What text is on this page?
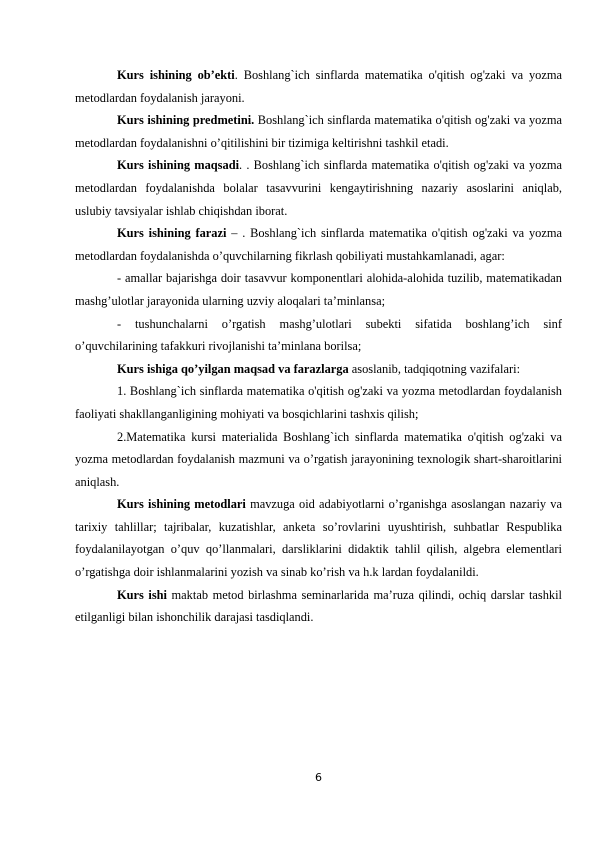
Kurs ishining ob’ekti. Boshlang`ich sinflarda matematika o'qitish og'zaki va yozma metodlardan foydalanish jarayoni.

Kurs ishining predmetini. Boshlang`ich sinflarda matematika o'qitish og'zaki va yozma metodlardan foydalanishni o’qitilishini bir tizimiga keltirishni tashkil etadi.

Kurs ishining maqsadi. . Boshlang`ich sinflarda matematika o'qitish og'zaki va yozma metodlardan foydalanishda bolalar tasavvurini kengaytirishning nazariy asoslarini aniqlab, uslubiy tavsiyalar ishlab chiqishdan iborat.

Kurs ishining farazi – . Boshlang`ich sinflarda matematika o'qitish og'zaki va yozma metodlardan foydalanishda o’quvchilarning fikrlash qobiliyati mustahkamlanadi, agar:

- amallar bajarishga doir tasavvur komponentlari alohida-alohida tuzilib, matematikadan mashg’ulotlar jarayonida ularning uzviy aloqalari ta’minlansa;

- tushunchalarni o’rgatish mashg’ulotlari subekti sifatida boshlang’ich sinf o’quvchilarining tafakkuri rivojlanishi ta’minlana borilsa;

Kurs ishiga qo’yilgan maqsad va farazlarga asoslanib, tadqiqotning vazifalari:

1. Boshlang`ich sinflarda matematika o'qitish og'zaki va yozma metodlardan foydalanish faoliyati shakllanganligining mohiyati va bosqichlarini tashxis qilish;

2.Matematika kursi materialida Boshlang`ich sinflarda matematika o'qitish og'zaki va yozma metodlardan foydalanish mazmuni va o’rgatish jarayonining texnologik shart-sharoitlarini aniqlash.

Kurs ishining metodlari mavzuga oid adabiyotlarni o’rganishga asoslangan nazariy va tarixiy tahlillar; tajribalar, kuzatishlar, anketa so’rovlarini uyushtirish, suhbatlar Respublika foydalanilayotgan o’quv qo’llanmalari, darsliklarini didaktik tahlil qilish, algebra elementlari o’rgatishga doir ishlanmalarini yozish va sinab ko’rish va h.k lardan foydalanildi.

Kurs ishi maktab metod birlashma seminarlarida ma’ruza qilindi, ochiq darslar tashkil etilganligi bilan ishonchilik darajasi tasdiqlandi.

6
